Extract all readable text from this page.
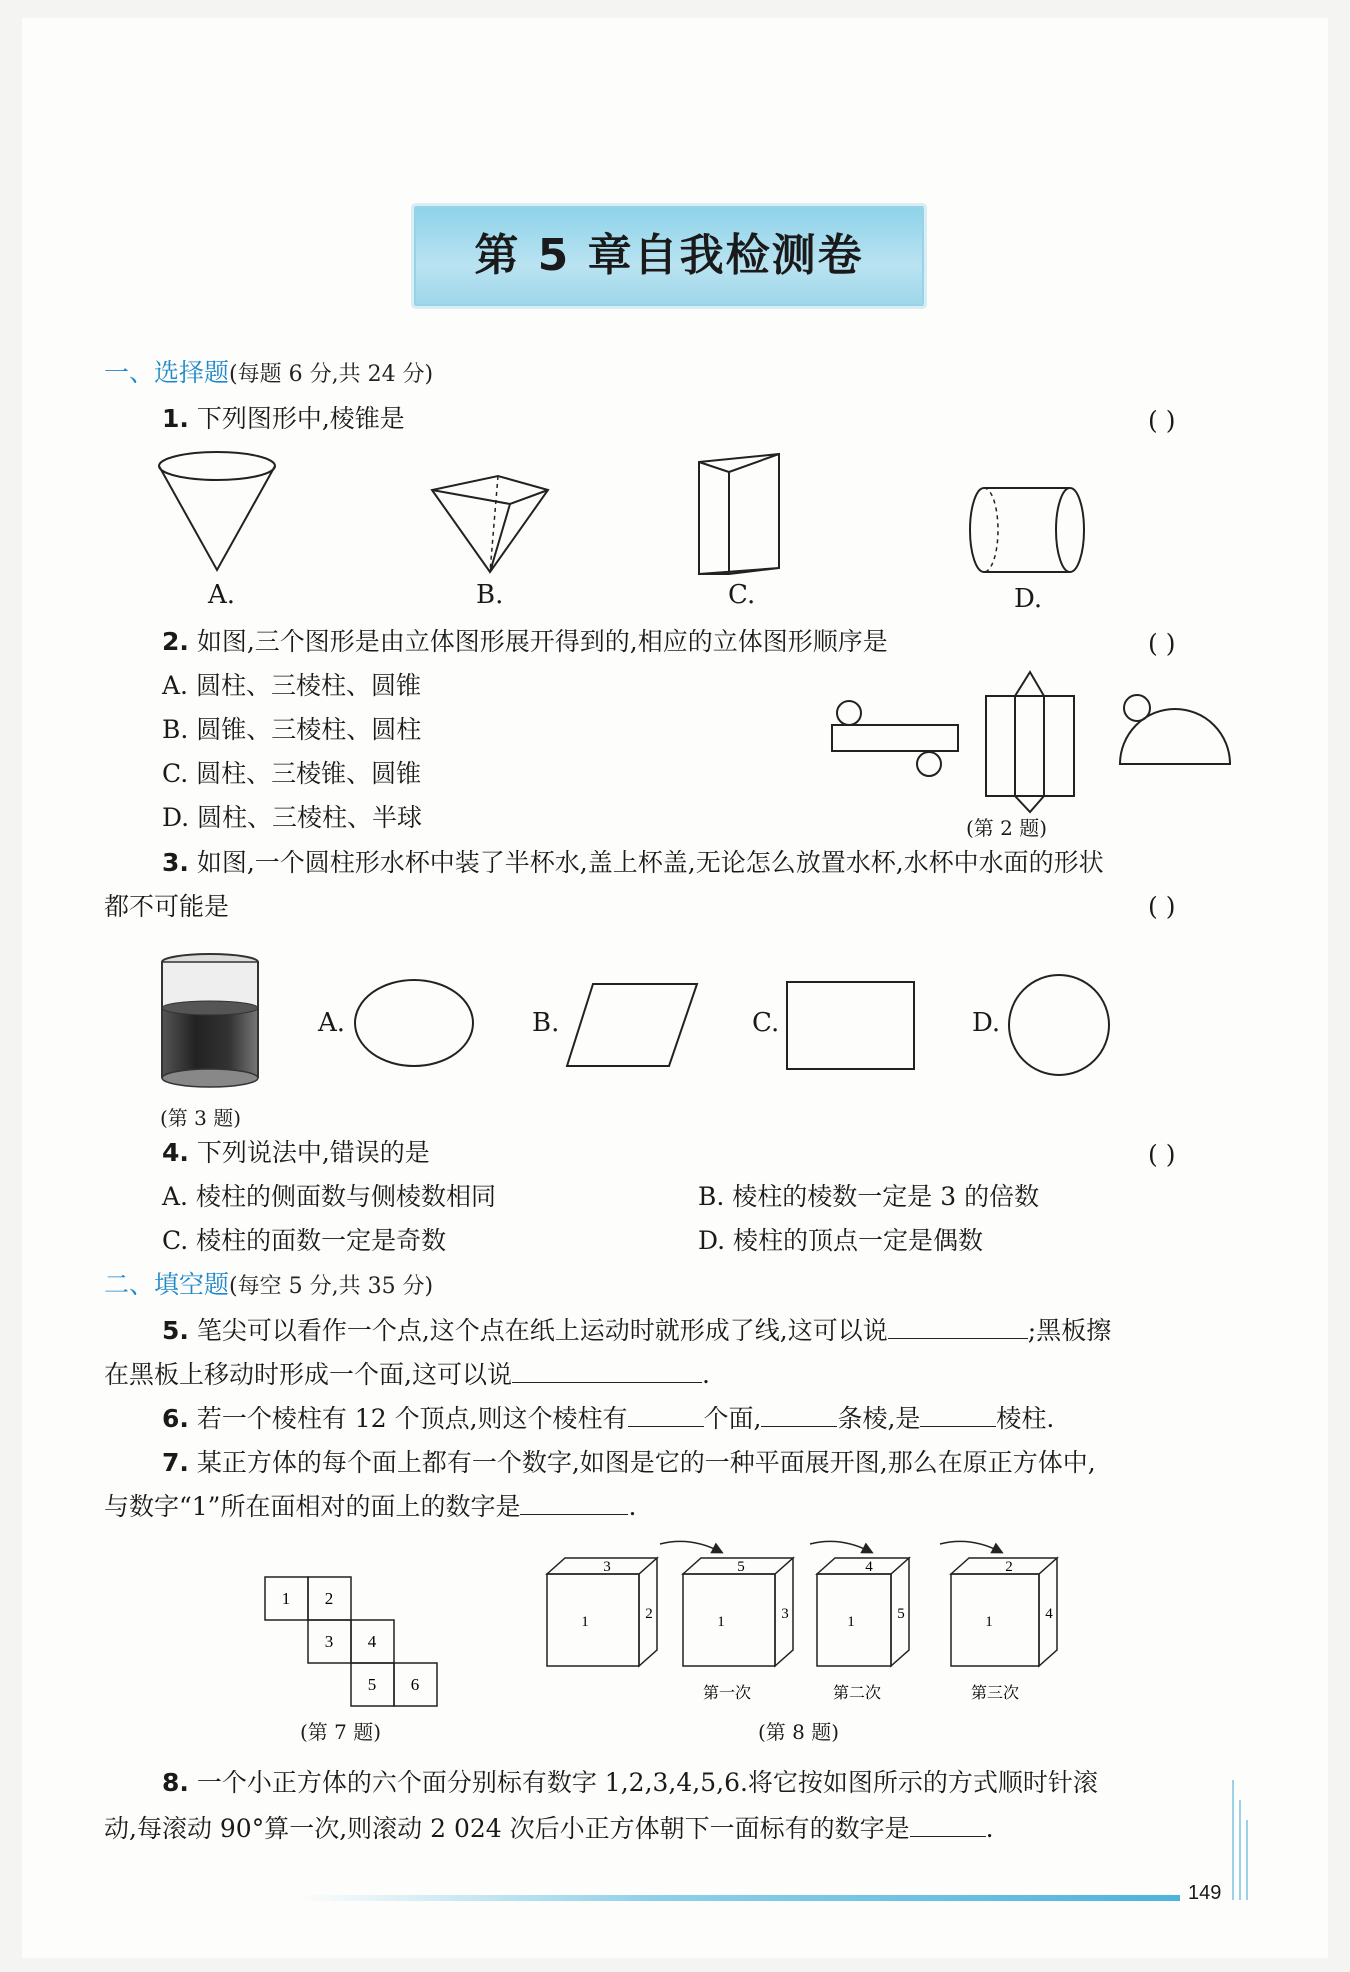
第 5 章自我检测卷
一、选择题(每题 6 分,共 24 分)
1. 下列图形中,棱锥是	( )
A.	B.	C.	D.
2. 如图,三个图形是由立体图形展开得到的,相应的立体图形顺序是	( )
A. 圆柱、三棱柱、圆锥
B. 圆锥、三棱柱、圆柱
C. 圆柱、三棱锥、圆锥
D. 圆柱、三棱柱、半球	(第 2 题)
3. 如图,一个圆柱形水杯中装了半杯水,盖上杯盖,无论怎么放置水杯,水杯中水面的形状
都不可能是	( )
(第 3 题)
A.	B.	C.	D.
4. 下列说法中,错误的是	( )
A. 棱柱的侧面数与侧棱数相同	B. 棱柱的棱数一定是 3 的倍数
C. 棱柱的面数一定是奇数	D. 棱柱的顶点一定是偶数
二、填空题(每空 5 分,共 35 分)
5. 笔尖可以看作一个点,这个点在纸上运动时就形成了线,这可以说	;黑板擦
在黑板上移动时形成一个面,这可以说	.
6. 若一个棱柱有 12 个顶点,则这个棱柱有	个面,	条棱,是	棱柱.
7. 某正方体的每个面上都有一个数字,如图是它的一种平面展开图,那么在原正方体中,
与数字“1”所在面相对的面上的数字是	.
1 2
3 4
5 6
(第 7 题)
3
1	2
5
1	3
第一次
4
1	5
第二次
2
1	4
第三次
(第 8 题)
8. 一个小正方体的六个面分别标有数字 1,2,3,4,5,6.将它按如图所示的方式顺时针滚
动,每滚动 90°算一次,则滚动 2 024 次后小正方体朝下一面标有的数字是	.
149
